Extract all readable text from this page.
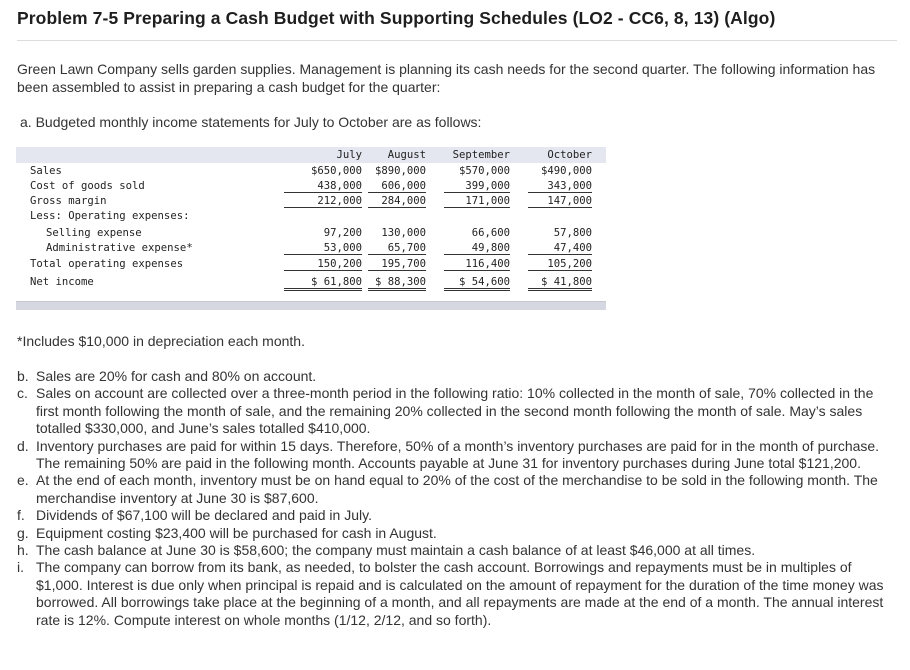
Problem 7-5 Preparing a Cash Budget with Supporting Schedules (LO2 - CC6, 8, 13) (Algo)
Green Lawn Company sells garden supplies. Management is planning its cash needs for the second quarter. The following information has been assembled to assist in preparing a cash budget for the quarter:
a. Budgeted monthly income statements for July to October are as follows:
July	August	September	October
Sales	$650,000	$890,000	$570,000	$490,000
Cost of goods sold	438,000	606,000	399,000	343,000
Gross margin	212,000	284,000	171,000	147,000
Less: Operating expenses:
Selling expense	97,200	130,000	66,600	57,800
Administrative expense*	53,000	65,700	49,800	47,400
Total operating expenses	150,200	195,700	116,400	105,200
Net income	$ 61,800	$ 88,300	$ 54,600	$ 41,800
*Includes $10,000 in depreciation each month.
b. Sales are 20% for cash and 80% on account.
c. Sales on account are collected over a three-month period in the following ratio: 10% collected in the month of sale, 70% collected in the first month following the month of sale, and the remaining 20% collected in the second month following the month of sale. May’s sales totalled $330,000, and June’s sales totalled $410,000.
d. Inventory purchases are paid for within 15 days. Therefore, 50% of a month’s inventory purchases are paid for in the month of purchase. The remaining 50% are paid in the following month. Accounts payable at June 31 for inventory purchases during June total $121,200.
e. At the end of each month, inventory must be on hand equal to 20% of the cost of the merchandise to be sold in the following month. The merchandise inventory at June 30 is $87,600.
f. Dividends of $67,100 will be declared and paid in July.
g. Equipment costing $23,400 will be purchased for cash in August.
h. The cash balance at June 30 is $58,600; the company must maintain a cash balance of at least $46,000 at all times.
i. The company can borrow from its bank, as needed, to bolster the cash account. Borrowings and repayments must be in multiples of $1,000. Interest is due only when principal is repaid and is calculated on the amount of repayment for the duration of the time money was borrowed. All borrowings take place at the beginning of a month, and all repayments are made at the end of a month. The annual interest rate is 12%. Compute interest on whole months (1/12, 2/12, and so forth).
